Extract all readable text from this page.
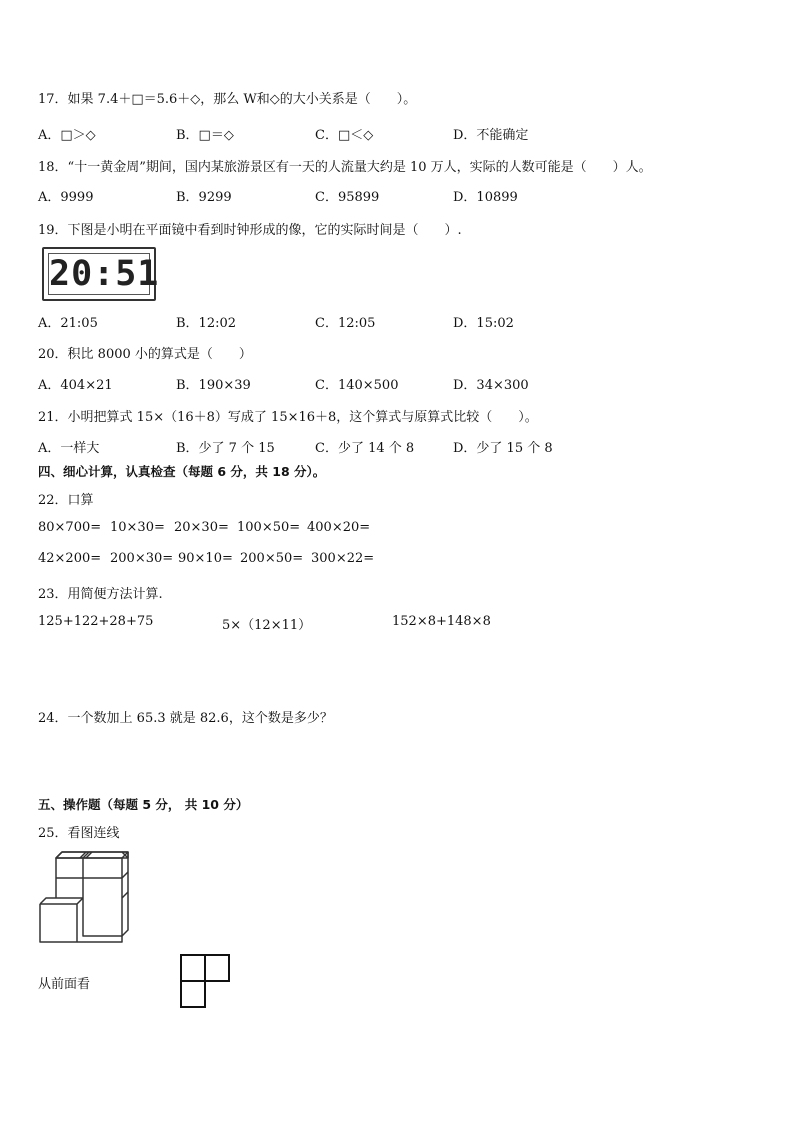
17．如果 7.4＋□＝5.6＋◇，那么 W和◇的大小关系是（　　）。
A．□＞◇	B．□＝◇	C．□＜◇	D．不能确定
18．“十一黄金周”期间，国内某旅游景区有一天的人流量大约是 10 万人，实际的人数可能是（　　）人。
A．9999	B．9299	C．95899	D．10899
19．下图是小明在平面镜中看到时钟形成的像，它的实际时间是（　　）.
20:51
A．21:05	B．12:02	C．12:05	D．15:02
20．积比 8000 小的算式是（　　）
A．404×21	B．190×39	C．140×500	D．34×300
21．小明把算式 15×（16＋8）写成了 15×16＋8，这个算式与原算式比较（　　）。
A．一样大	B．少了 7 个 15	C．少了 14 个 8	D．少了 15 个 8
四、细心计算，认真检查（每题 6 分，共 18 分）。
22．口算
80×700= 10×30= 20×30= 100×50= 400×20=
42×200= 200×30= 90×10= 200×50= 300×22=
23．用简便方法计算.
125+122+28+75	5×（12×11）	152×8+148×8
24．一个数加上 65.3 就是 82.6，这个数是多少？
五、操作题（每题 5 分， 共 10 分）
25．看图连线
从前面看
